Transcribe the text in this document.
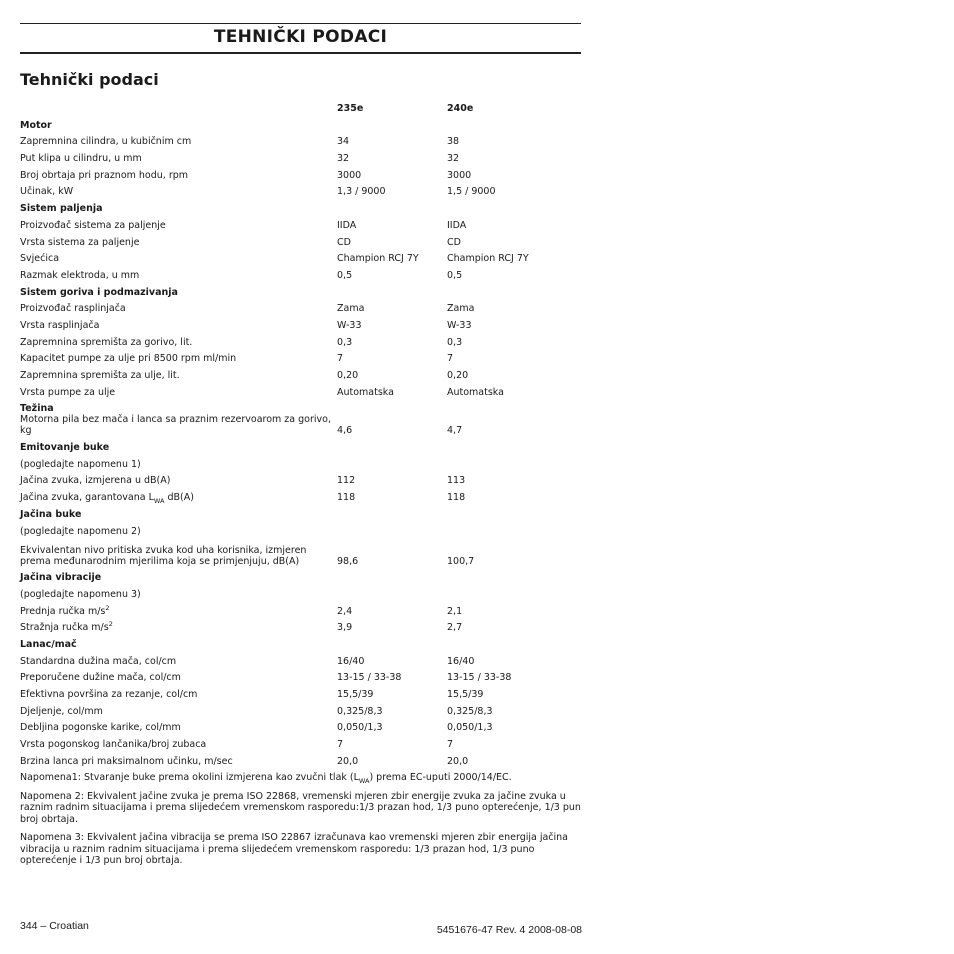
TEHNIČKI PODACI
Tehnički podaci
	235e	240e
Motor		
Zapremnina cilindra, u kubičnim cm	34	38
Put klipa u cilindru, u mm	32	32
Broj obrtaja pri praznom hodu, rpm	3000	3000
Učinak, kW	1,3 / 9000	1,5 / 9000
Sistem paljenja		
Proizvođač sistema za paljenje	IIDA	IIDA
Vrsta sistema za paljenje	CD	CD
Svjećica	Champion RCJ 7Y	Champion RCJ 7Y
Razmak elektroda, u mm	0,5	0,5
Sistem goriva i podmazivanja		
Proizvođač rasplinjača	Zama	Zama
Vrsta rasplinjača	W-33	W-33
Zapremnina spremišta za gorivo, lit.	0,3	0,3
Kapacitet pumpe za ulje pri 8500 rpm ml/min	7	7
Zapremnina spremišta za ulje, lit.	0,20	0,20
Vrsta pumpe za ulje	Automatska	Automatska
Težina		
Motorna pila bez mača i lanca sa praznim rezervoarom za gorivo, kg	4,6	4,7
Emitovanje buke		
(pogledajte napomenu 1)		
Jačina zvuka, izmjerena u dB(A)	112	113
Jačina zvuka, garantovana $L_{WA}$ dB(A)	118	118
Jačina buke		
(pogledajte napomenu 2)		
Ekvivalentan nivo pritiska zvuka kod uha korisnika, izmjeren prema međunarodnim mjerilima koja se primjenjuju, dB(A)	98,6	100,7
Jačina vibracije		
(pogledajte napomenu 3)		
Prednja ručka $m/s^2$	2,4	2,1
Stražnja ručka $m/s^2$	3,9	2,7
Lanac/mač		
Standardna dužina mača, col/cm	16/40	16/40
Preporučene dužine mača, col/cm	13-15 / 33-38	13-15 / 33-38
Efektivna površina za rezanje, col/cm	15,5/39	15,5/39
Djeljenje, col/mm	0,325/8,3	0,325/8,3
Debljina pogonske karike, col/mm	0,050/1,3	0,050/1,3
Vrsta pogonskog lančanika/broj zubaca	7	7
Brzina lanca pri maksimalnom učinku, m/sec	20,0	20,0

Napomena1: Stvaranje buke prema okolini izmjerena kao zvučni tlak $(L_{WA})$ prema EC-uputi 2000/14/EC.

Napomena 2: Ekvivalent jačine zvuka je prema ISO 22868, vremenski mjeren zbir energije zvuka za jačine zvuka u raznim radnim situacijama i prema slijedećem vremenskom rasporedu:1/3 prazan hod, 1/3 puno opterećenje, 1/3 pun broj obrtaja.

Napomena 3: Ekvivalent jačina vibracija se prema ISO 22867 izračunava kao vremenski mjeren zbir energija jačina vibracija u raznim radnim situacijama i prema slijedećem vremenskom rasporedu: 1/3 prazan hod, 1/3 puno opterećenje i 1/3 pun broj obrtaja.

344 – Croatian	5451676-47 Rev. 4 2008-08-08
